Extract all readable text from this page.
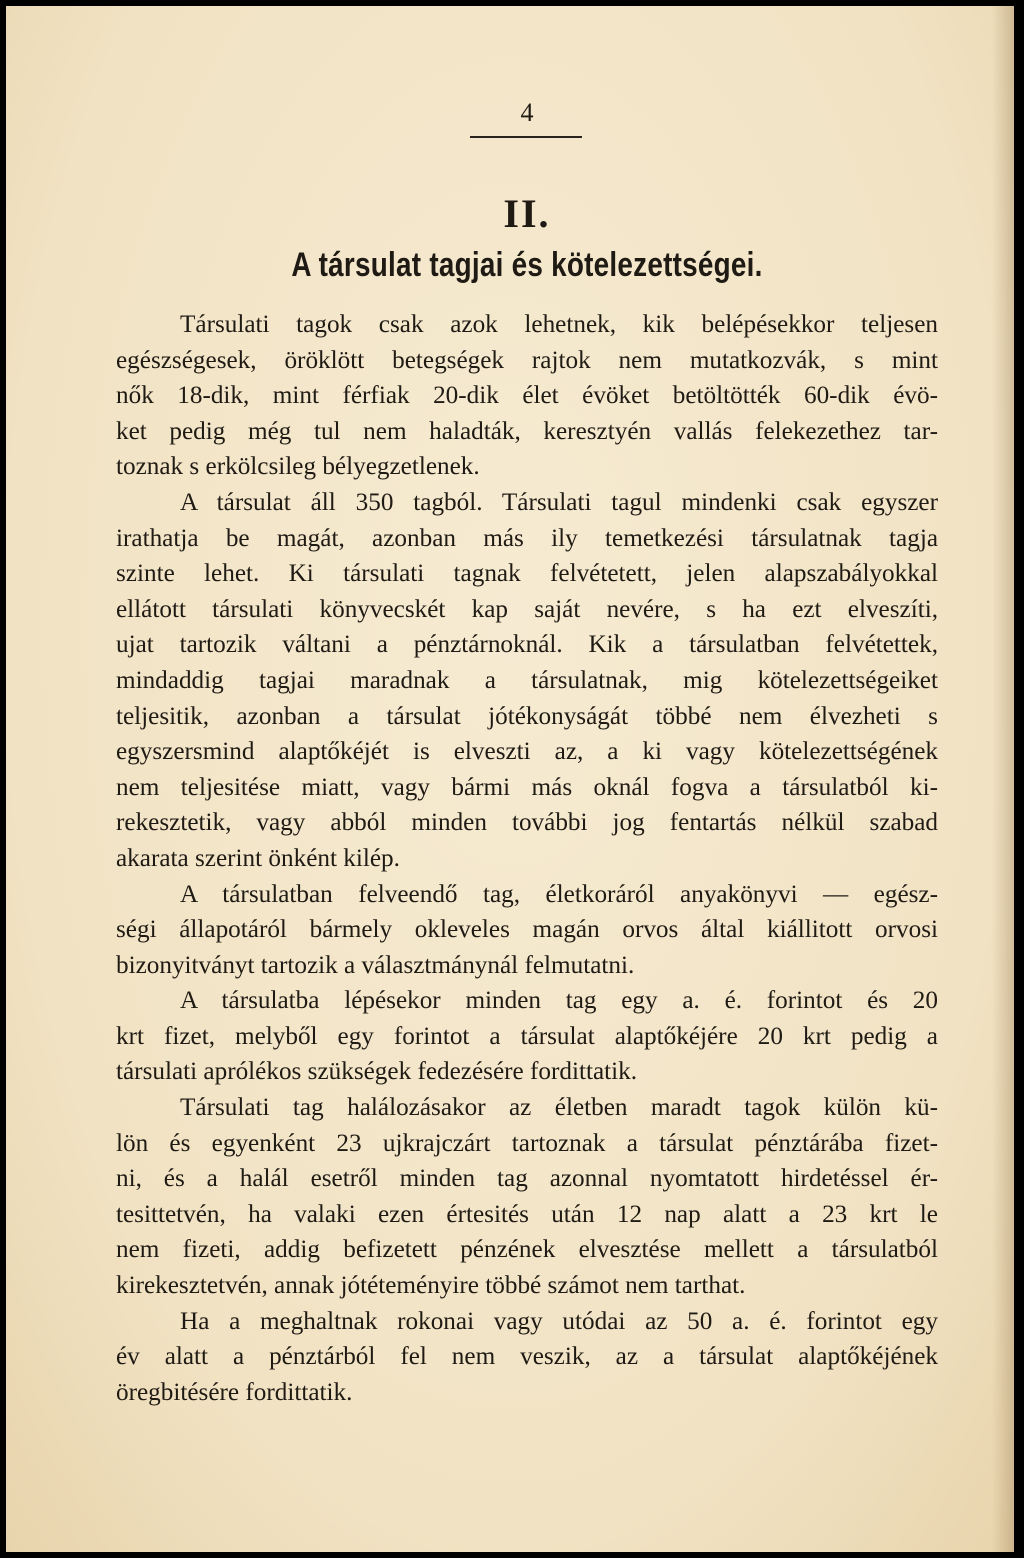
4
II.
A társulat tagjai és kötelezettségei.
Társulati tagok csak azok lehetnek, kik belépésekkor teljesen
egészségesek, öröklött betegségek rajtok nem mutatkozvák, s mint
nők 18-dik, mint férfiak 20-dik élet évöket betöltötték 60-dik évö-
ket pedig még tul nem haladták, keresztyén vallás felekezethez tar-
toznak s erkölcsileg bélyegzetlenek.
A társulat áll 350 tagból. Társulati tagul mindenki csak egyszer
irathatja be magát, azonban más ily temetkezési társulatnak tagja
szinte lehet. Ki társulati tagnak felvétetett, jelen alapszabályokkal
ellátott társulati könyvecskét kap saját nevére, s ha ezt elveszíti,
ujat tartozik váltani a pénztárnoknál. Kik a társulatban felvétettek,
mindaddig tagjai maradnak a társulatnak, mig kötelezettségeiket
teljesitik, azonban a társulat jótékonyságát többé nem élvezheti s
egyszersmind alaptőkéjét is elveszti az, a ki vagy kötelezettségének
nem teljesitése miatt, vagy bármi más oknál fogva a társulatból ki-
rekesztetik, vagy abból minden további jog fentartás nélkül szabad
akarata szerint önként kilép.
A társulatban felveendő tag, életkoráról anyakönyvi — egész-
ségi állapotáról bármely okleveles magán orvos által kiállitott orvosi
bizonyitványt tartozik a választmánynál felmutatni.
A társulatba lépésekor minden tag egy a. é. forintot és 20
krt fizet, melyből egy forintot a társulat alaptőkéjére 20 krt pedig a
társulati aprólékos szükségek fedezésére fordittatik.
Társulati tag halálozásakor az életben maradt tagok külön kü-
lön és egyenként 23 ujkrajczárt tartoznak a társulat pénztárába fizet-
ni, és a halál esetről minden tag azonnal nyomtatott hirdetéssel ér-
tesittetvén, ha valaki ezen értesités után 12 nap alatt a 23 krt le
nem fizeti, addig befizetett pénzének elvesztése mellett a társulatból
kirekesztetvén, annak jótéteményire többé számot nem tarthat.
Ha a meghaltnak rokonai vagy utódai az 50 a. é. forintot egy
év alatt a pénztárból fel nem veszik, az a társulat alaptőkéjének
öregbitésére fordittatik.
